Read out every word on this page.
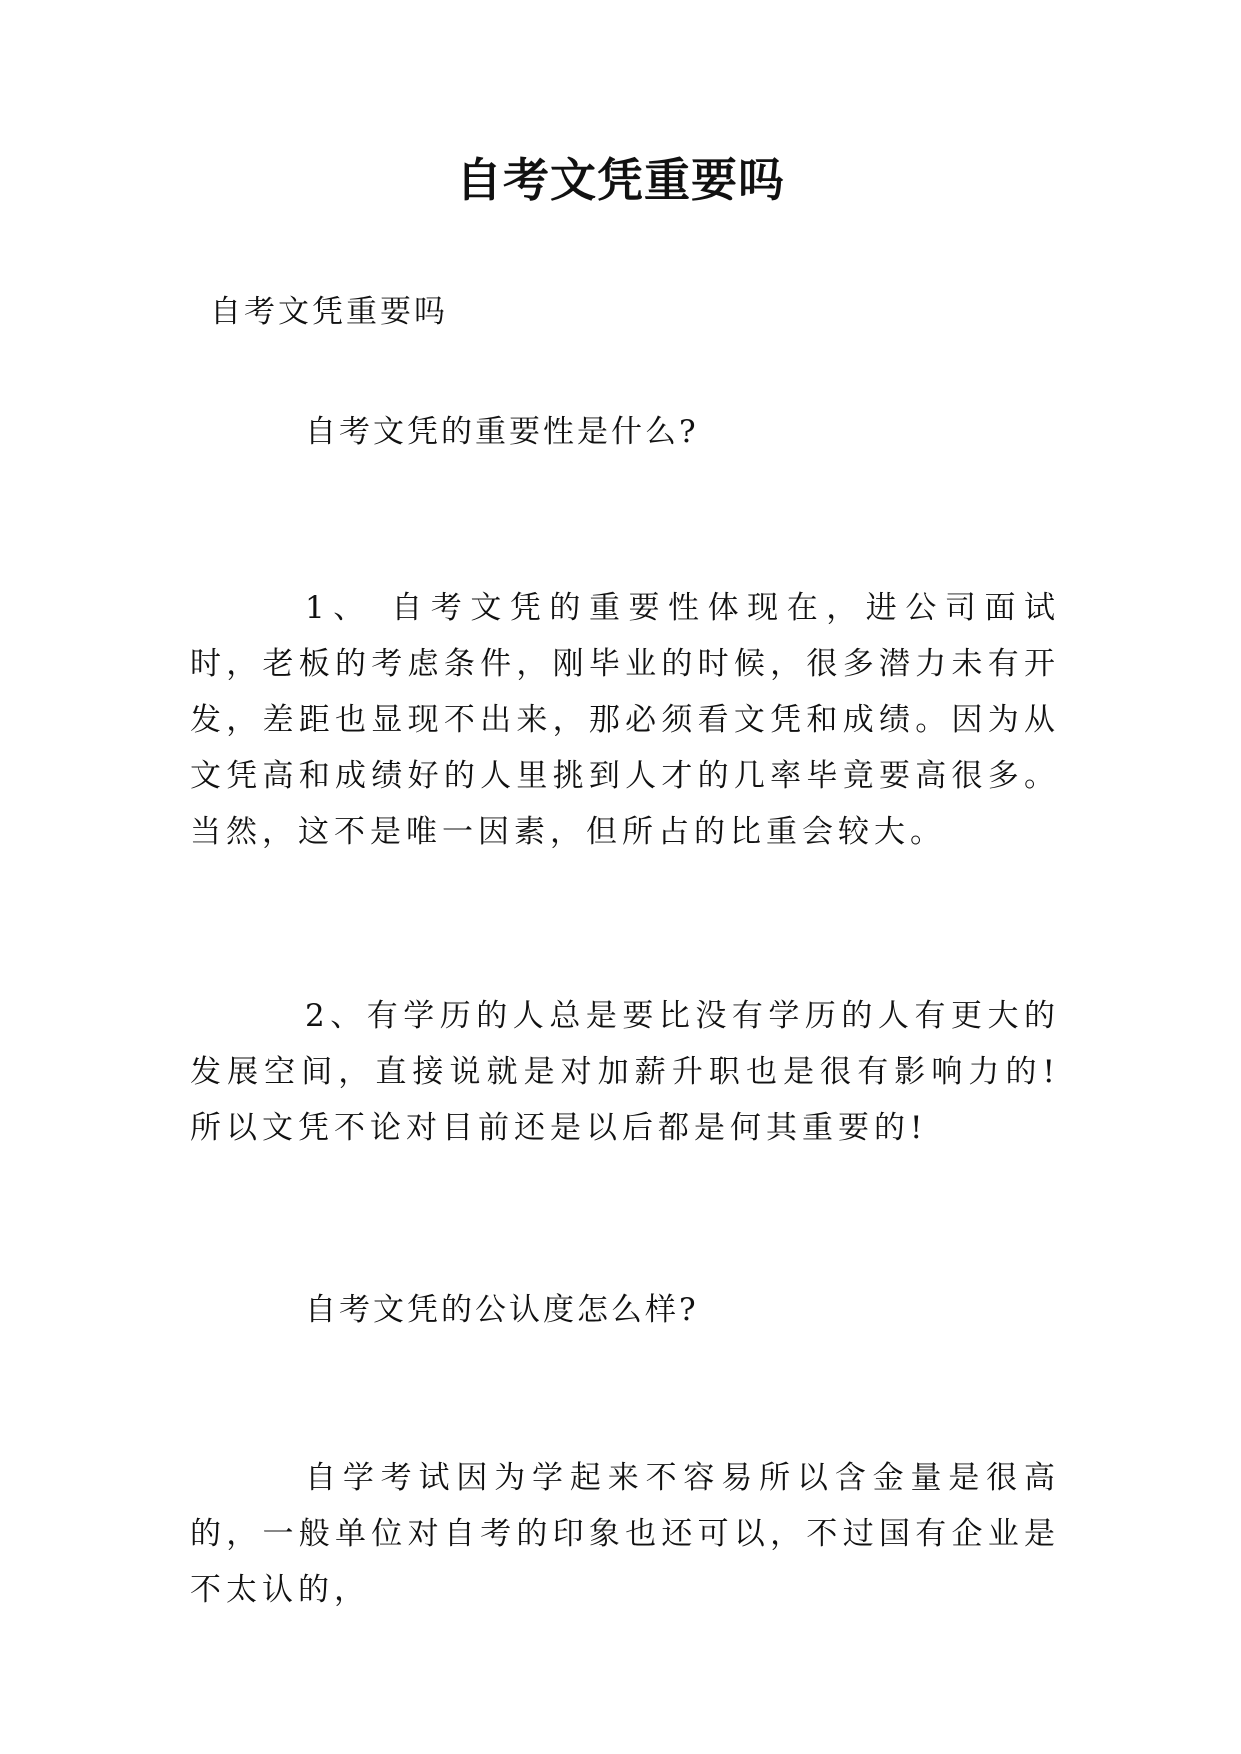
自考文凭重要吗

自考文凭重要吗

自考文凭的重要性是什么?

1、 自考文凭的重要性体现在，进公司面试时，老板的考虑条件，刚毕业的时候，很多潜力未有开发，差距也显现不出来，那必须看文凭和成绩。因为从文凭高和成绩好的人里挑到人才的几率毕竟要高很多。当然，这不是唯一因素，但所占的比重会较大。

2、有学历的人总是要比没有学历的人有更大的发展空间，直接说就是对加薪升职也是很有影响力的!所以文凭不论对目前还是以后都是何其重要的!

自考文凭的公认度怎么样?

自学考试因为学起来不容易所以含金量是很高的，一般单位对自考的印象也还可以，不过国有企业是不太认的，
